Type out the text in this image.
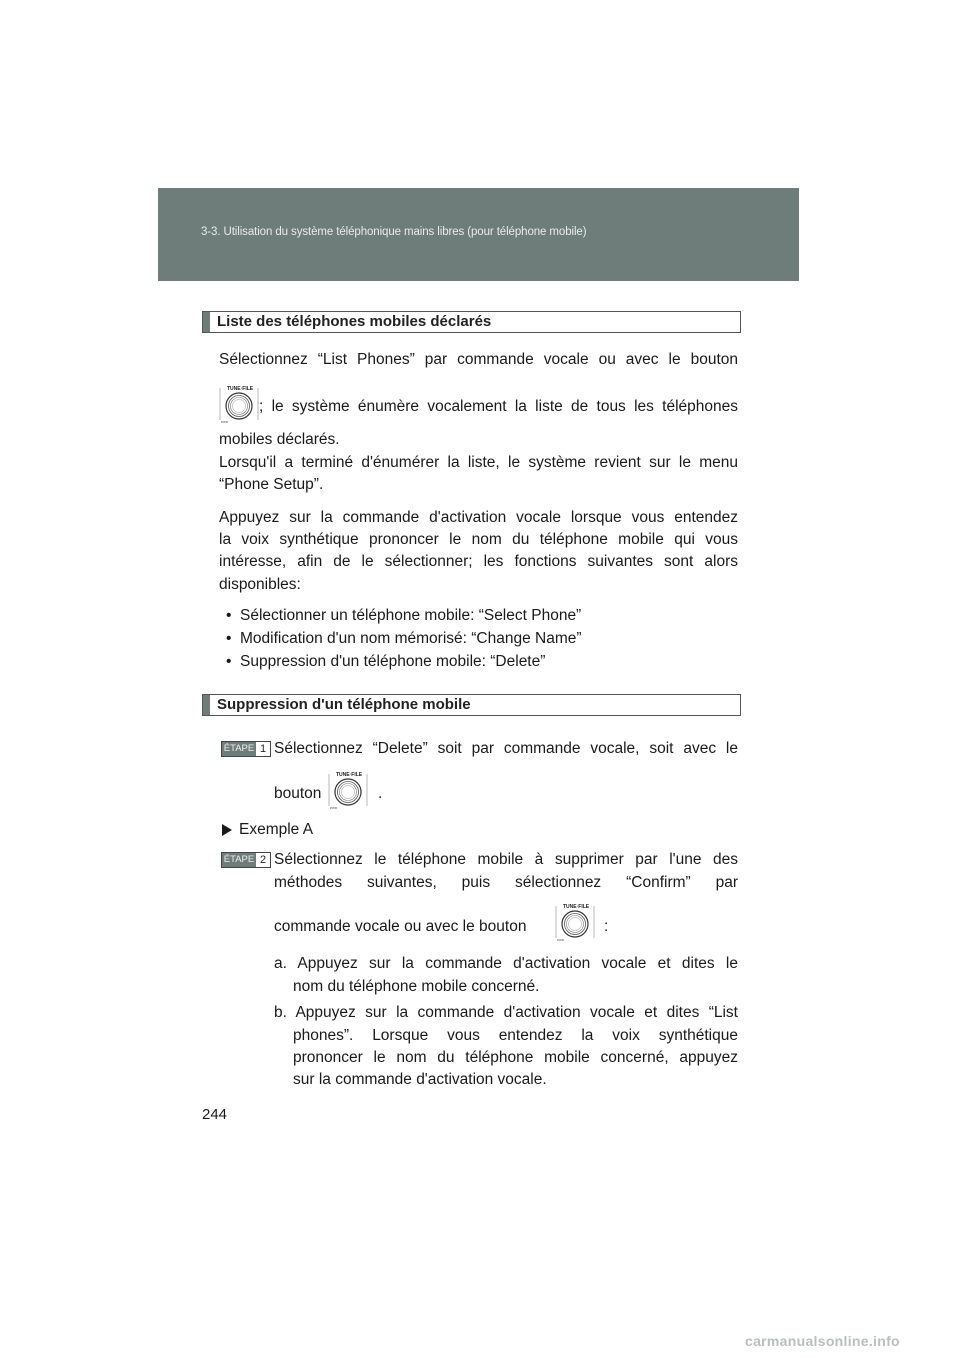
3-3. Utilisation du système téléphonique mains libres (pour téléphone mobile)
Liste des téléphones mobiles déclarés
Sélectionnez “List Phones” par commande vocale ou avec le bouton
TUNE·FILE
PWR
; le système énumère vocalement la liste de tous les téléphones
mobiles déclarés.
Lorsqu'il a terminé d'énumérer la liste, le système revient sur le menu
“Phone Setup”.
Appuyez sur la commande d'activation vocale lorsque vous entendez
la voix synthétique prononcer le nom du téléphone mobile qui vous
intéresse, afin de le sélectionner; les fonctions suivantes sont alors
disponibles:
• Sélectionner un téléphone mobile: “Select Phone”
• Modification d'un nom mémorisé: “Change Name”
• Suppression d'un téléphone mobile: “Delete”
Suppression d'un téléphone mobile
ÉTAPE 1 Sélectionnez “Delete” soit par commande vocale, soit avec le
bouton
TUNE·FILE
PWR
.
Exemple A
ÉTAPE 2 Sélectionnez le téléphone mobile à supprimer par l'une des
méthodes suivantes, puis sélectionnez “Confirm” par
commande vocale ou avec le bouton
TUNE·FILE
PWR
:
a. Appuyez sur la commande d'activation vocale et dites le
nom du téléphone mobile concerné.
b. Appuyez sur la commande d'activation vocale et dites “List
phones”. Lorsque vous entendez la voix synthétique
prononcer le nom du téléphone mobile concerné, appuyez
sur la commande d'activation vocale.
244
carmanualsonline.info
